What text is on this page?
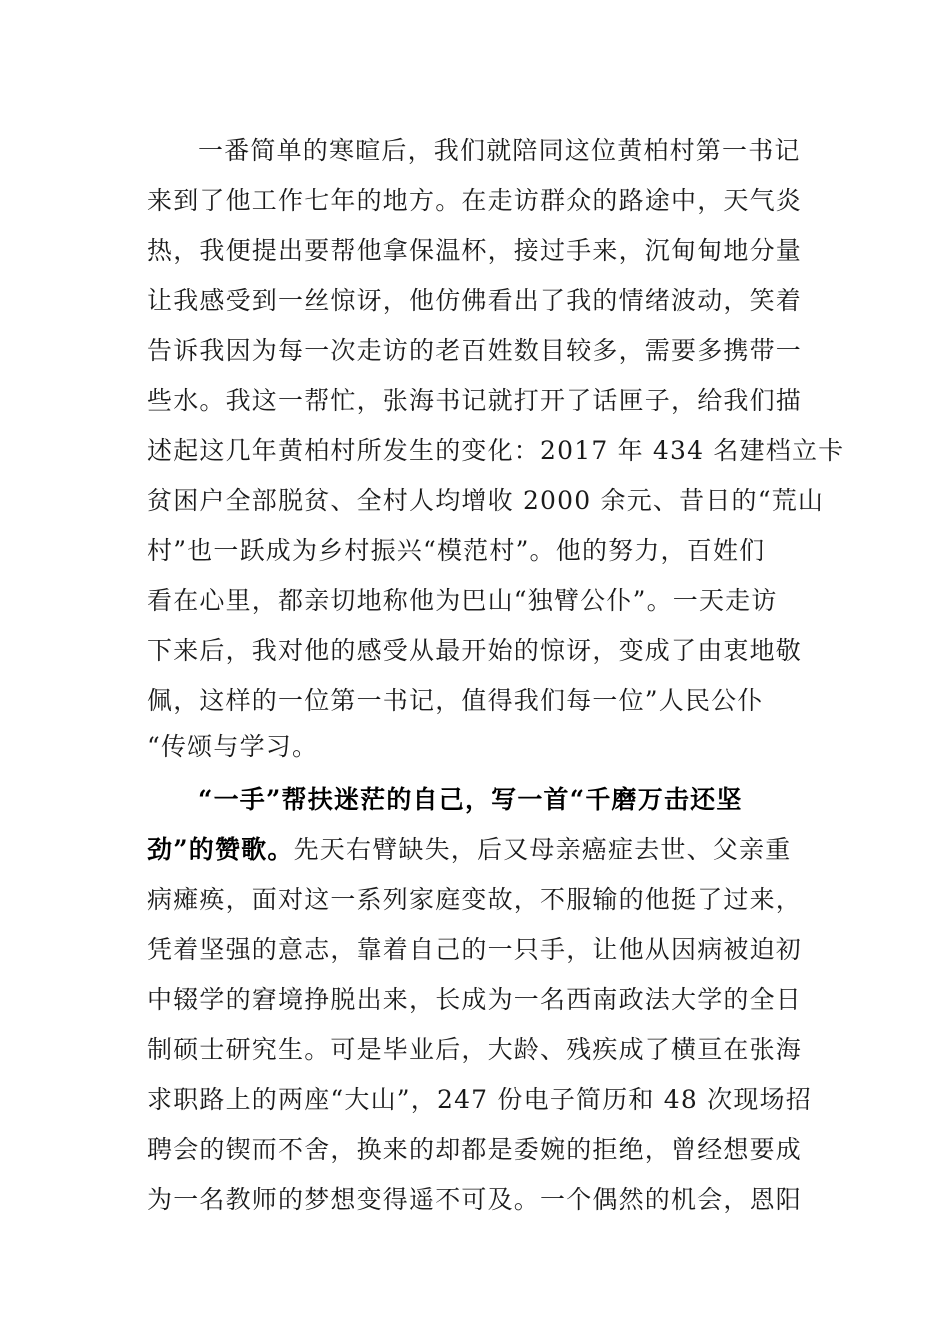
一番简单的寒暄后，我们就陪同这位黄柏村第一书记
来到了他工作七年的地方。在走访群众的路途中，天气炎
热，我便提出要帮他拿保温杯，接过手来，沉甸甸地分量
让我感受到一丝惊讶，他仿佛看出了我的情绪波动，笑着
告诉我因为每一次走访的老百姓数目较多，需要多携带一
些水。我这一帮忙，张海书记就打开了话匣子，给我们描
述起这几年黄柏村所发生的变化：2017 年 434 名建档立卡
贫困户全部脱贫、全村人均增收 2000 余元、昔日的“荒山
村”也一跃成为乡村振兴“模范村”。他的努力，百姓们
看在心里，都亲切地称他为巴山“独臂公仆”。一天走访
下来后，我对他的感受从最开始的惊讶，变成了由衷地敬
佩，这样的一位第一书记，值得我们每一位”人民公仆
“传颂与学习。
“一手”帮扶迷茫的自己，写一首“千磨万击还坚
劲”的赞歌。先天右臂缺失，后又母亲癌症去世、父亲重
病瘫痪，面对这一系列家庭变故，不服输的他挺了过来，
凭着坚强的意志，靠着自己的一只手，让他从因病被迫初
中辍学的窘境挣脱出来，长成为一名西南政法大学的全日
制硕士研究生。可是毕业后，大龄、残疾成了横亘在张海
求职路上的两座“大山”，247 份电子简历和 48 次现场招
聘会的锲而不舍，换来的却都是委婉的拒绝，曾经想要成
为一名教师的梦想变得遥不可及。一个偶然的机会，恩阳
